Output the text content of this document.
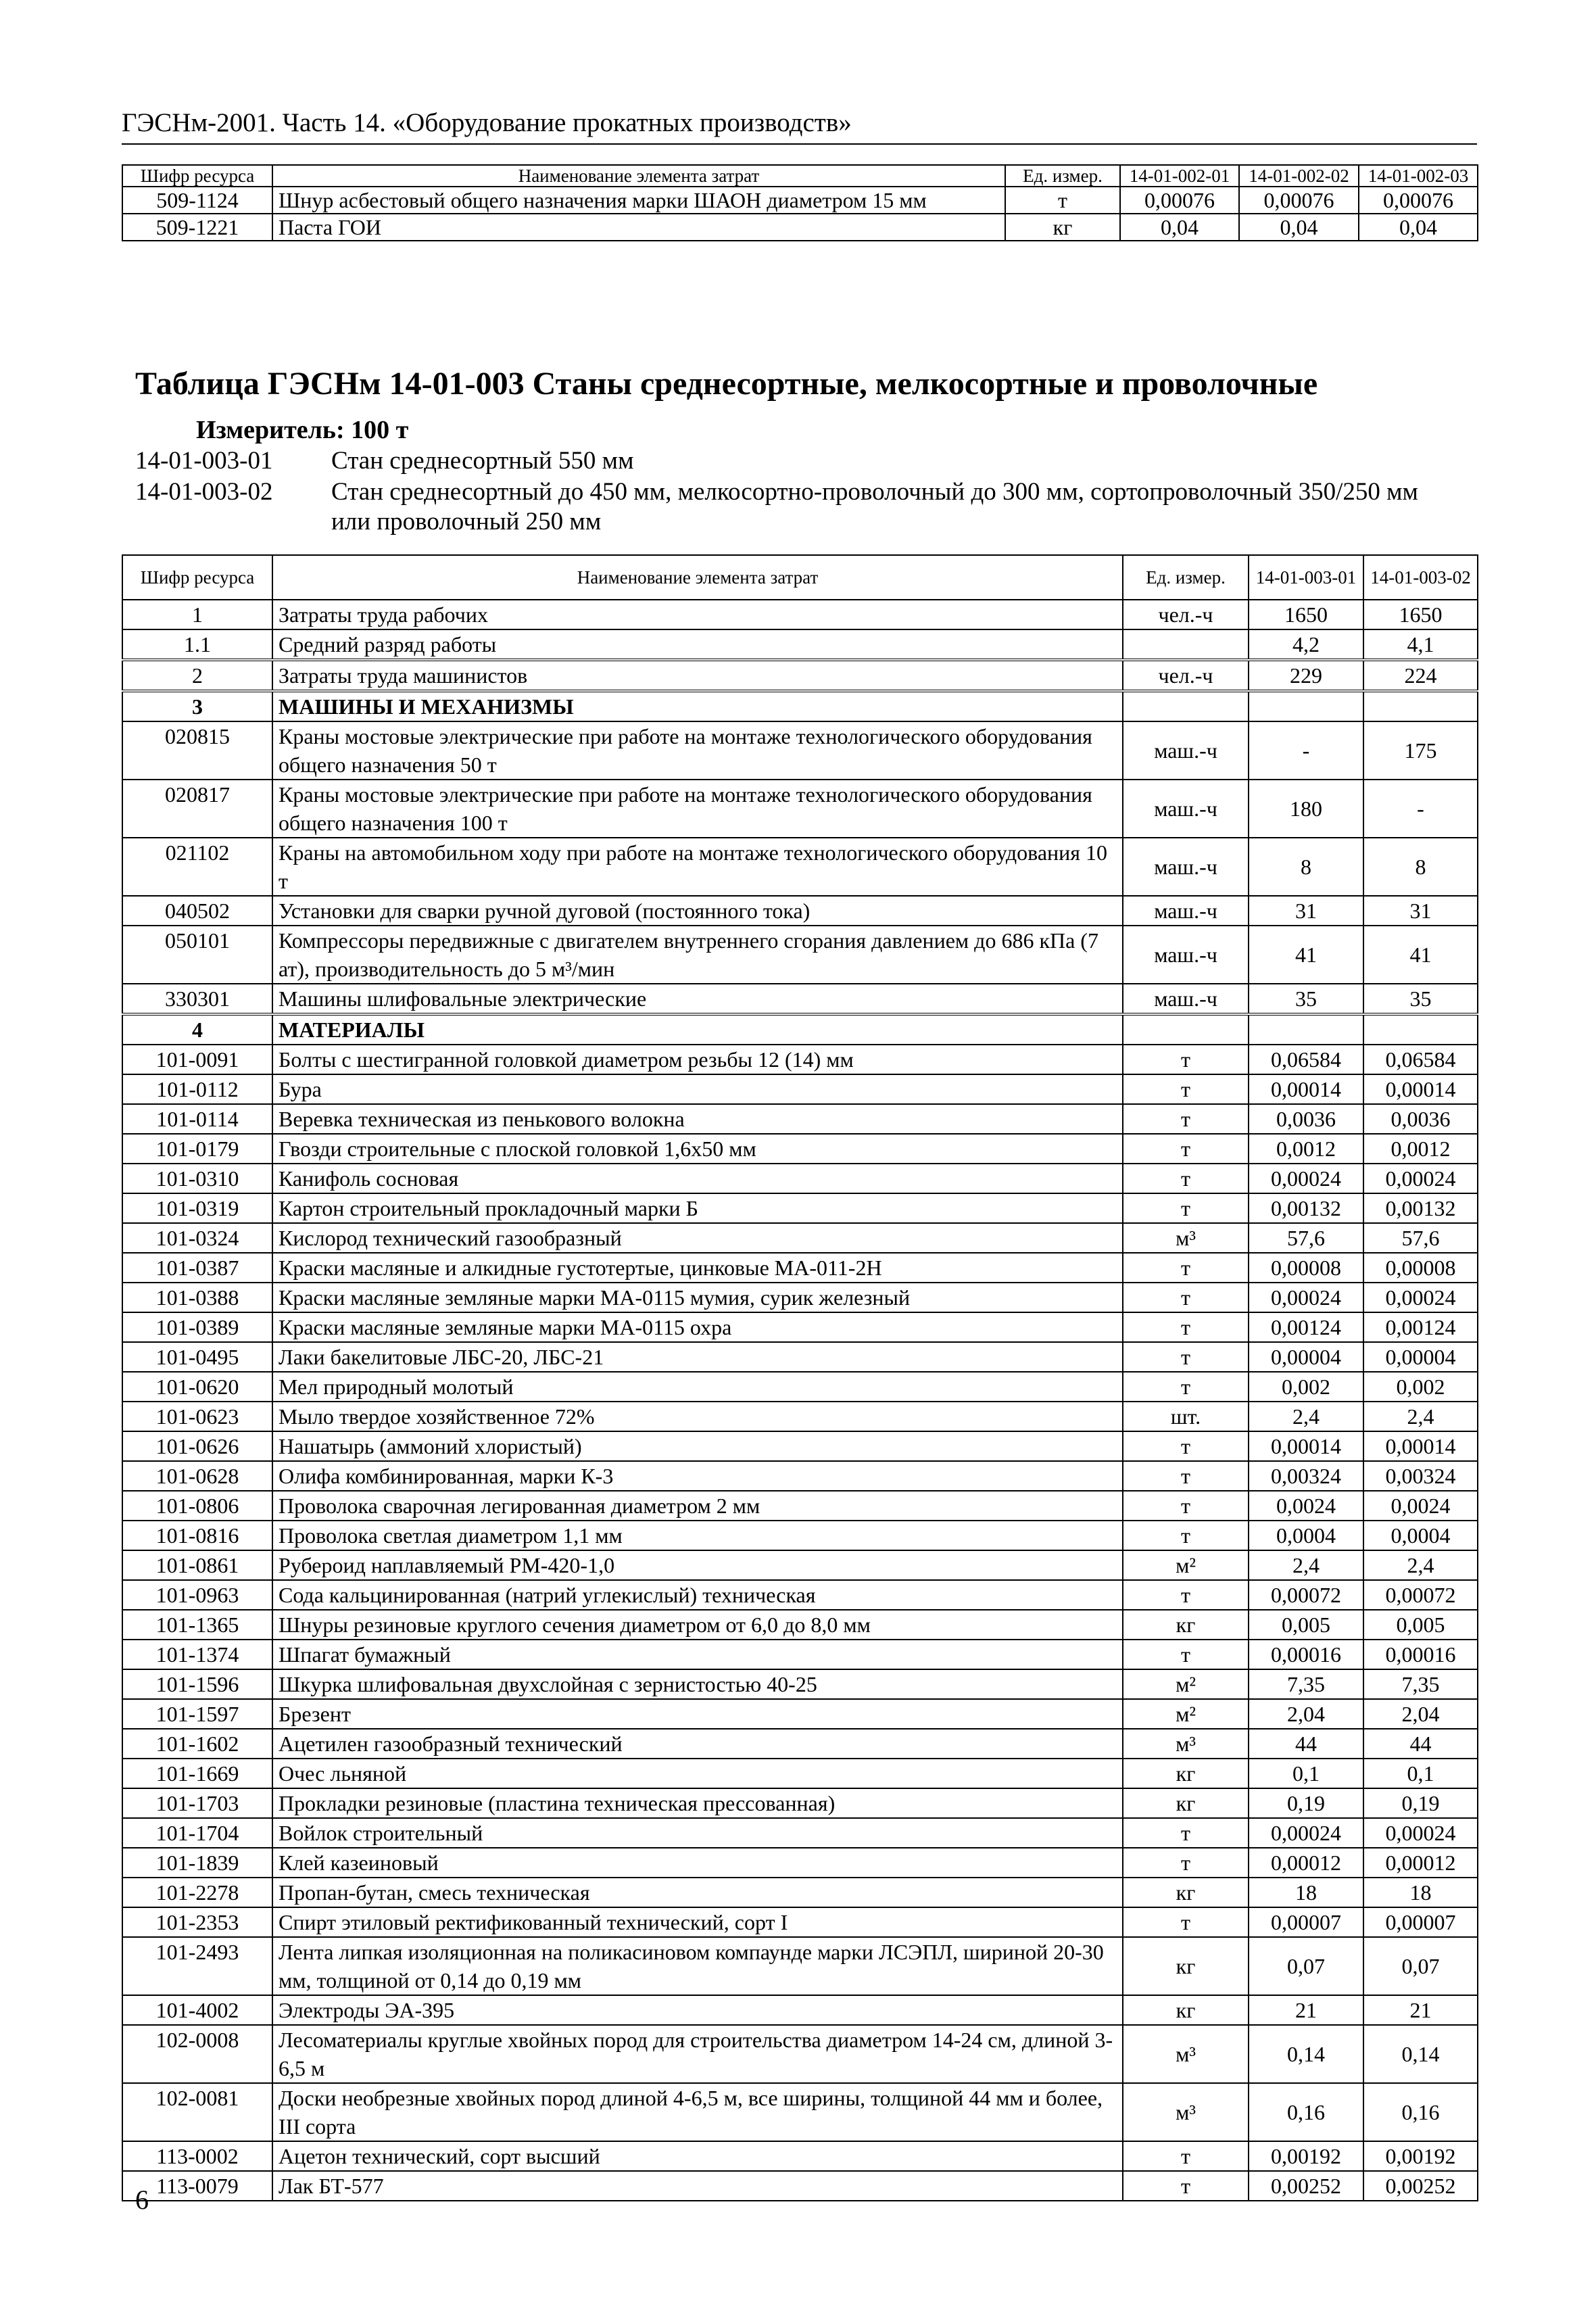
ГЭСНм-2001. Часть 14. «Оборудование прокатных производств»
Шифр ресурса	Наименование элемента затрат	Ед. измер.	14-01-002-01	14-01-002-02	14-01-002-03
509-1124	Шнур асбестовый общего назначения марки ШАОН диаметром 15 мм	т	0,00076	0,00076	0,00076
509-1221	Паста ГОИ	кг	0,04	0,04	0,04
Таблица ГЭСНм 14-01-003 Станы среднесортные, мелкосортные и проволочные
Измеритель: 100 т
14-01-003-01 Стан среднесортный 550 мм
14-01-003-02 Стан среднесортный до 450 мм, мелкосортно-проволочный до 300 мм, сортопроволочный 350/250 мм или проволочный 250 мм
Шифр ресурса	Наименование элемента затрат	Ед. измер.	14-01-003-01	14-01-003-02
1	Затраты труда рабочих	чел.-ч	1650	1650
1.1	Средний разряд работы		4,2	4,1
2	Затраты труда машинистов	чел.-ч	229	224
3	МАШИНЫ И МЕХАНИЗМЫ			
020815	Краны мостовые электрические при работе на монтаже технологического оборудования общего назначения 50 т	маш.-ч	-	175
020817	Краны мостовые электрические при работе на монтаже технологического оборудования общего назначения 100 т	маш.-ч	180	-
021102	Краны на автомобильном ходу при работе на монтаже технологического оборудования 10 т	маш.-ч	8	8
040502	Установки для сварки ручной дуговой (постоянного тока)	маш.-ч	31	31
050101	Компрессоры передвижные с двигателем внутреннего сгорания давлением до 686 кПа (7 ат), производительность до 5 м³/мин	маш.-ч	41	41
330301	Машины шлифовальные электрические	маш.-ч	35	35
4	МАТЕРИАЛЫ			
101-0091	Болты с шестигранной головкой диаметром резьбы 12 (14) мм	т	0,06584	0,06584
101-0112	Бура	т	0,00014	0,00014
101-0114	Веревка техническая из пенькового волокна	т	0,0036	0,0036
101-0179	Гвозди строительные с плоской головкой 1,6х50 мм	т	0,0012	0,0012
101-0310	Канифоль сосновая	т	0,00024	0,00024
101-0319	Картон строительный прокладочный марки Б	т	0,00132	0,00132
101-0324	Кислород технический газообразный	м³	57,6	57,6
101-0387	Краски масляные и алкидные густотертые, цинковые МА-011-2Н	т	0,00008	0,00008
101-0388	Краски масляные земляные марки МА-0115 мумия, сурик железный	т	0,00024	0,00024
101-0389	Краски масляные земляные марки МА-0115 охра	т	0,00124	0,00124
101-0495	Лаки бакелитовые ЛБС-20, ЛБС-21	т	0,00004	0,00004
101-0620	Мел природный молотый	т	0,002	0,002
101-0623	Мыло твердое хозяйственное 72%	шт.	2,4	2,4
101-0626	Нашатырь (аммоний хлористый)	т	0,00014	0,00014
101-0628	Олифа комбинированная, марки К-3	т	0,00324	0,00324
101-0806	Проволока сварочная легированная диаметром 2 мм	т	0,0024	0,0024
101-0816	Проволока светлая диаметром 1,1 мм	т	0,0004	0,0004
101-0861	Рубероид наплавляемый РМ-420-1,0	м²	2,4	2,4
101-0963	Сода кальцинированная (натрий углекислый) техническая	т	0,00072	0,00072
101-1365	Шнуры резиновые круглого сечения диаметром от 6,0 до 8,0 мм	кг	0,005	0,005
101-1374	Шпагат бумажный	т	0,00016	0,00016
101-1596	Шкурка шлифовальная двухслойная с зернистостью 40-25	м²	7,35	7,35
101-1597	Брезент	м²	2,04	2,04
101-1602	Ацетилен газообразный технический	м³	44	44
101-1669	Очес льняной	кг	0,1	0,1
101-1703	Прокладки резиновые (пластина техническая прессованная)	кг	0,19	0,19
101-1704	Войлок строительный	т	0,00024	0,00024
101-1839	Клей казеиновый	т	0,00012	0,00012
101-2278	Пропан-бутан, смесь техническая	кг	18	18
101-2353	Спирт этиловый ректификованный технический, сорт I	т	0,00007	0,00007
101-2493	Лента липкая изоляционная на поликасиновом компаунде марки ЛСЭПЛ, шириной 20-30 мм, толщиной от 0,14 до 0,19 мм	кг	0,07	0,07
101-4002	Электроды ЭА-395	кг	21	21
102-0008	Лесоматериалы круглые хвойных пород для строительства диаметром 14-24 см, длиной 3-6,5 м	м³	0,14	0,14
102-0081	Доски необрезные хвойных пород длиной 4-6,5 м, все ширины, толщиной 44 мм и более, III сорта	м³	0,16	0,16
113-0002	Ацетон технический, сорт высший	т	0,00192	0,00192
113-0079	Лак БТ-577	т	0,00252	0,00252
6
